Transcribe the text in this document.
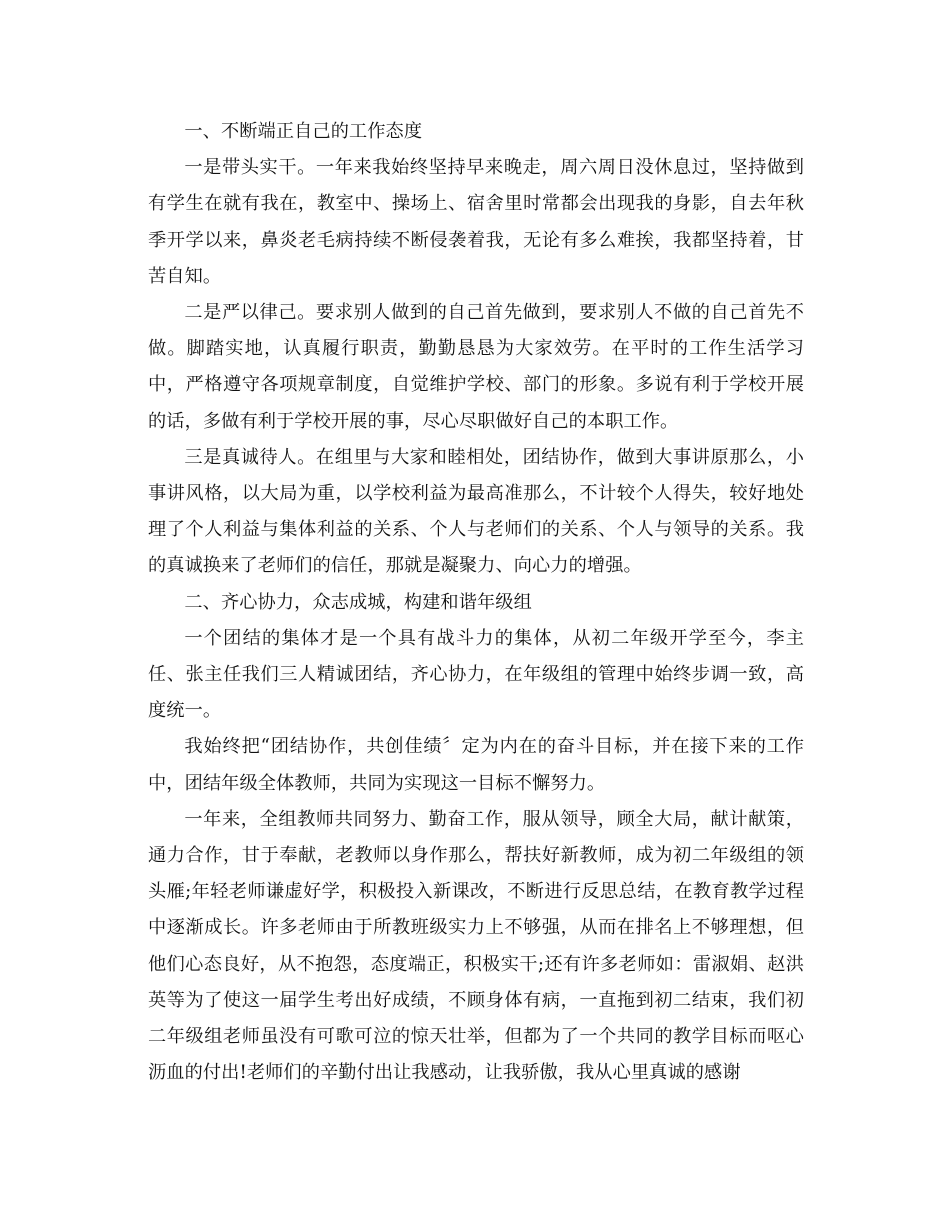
一、不断端正自己的工作态度

一是带头实干。一年来我始终坚持早来晚走，周六周日没休息过，坚持做到有学生在就有我在，教室中、操场上、宿舍里时常都会出现我的身影，自去年秋季开学以来，鼻炎老毛病持续不断侵袭着我，无论有多么难挨，我都坚持着，甘苦自知。

二是严以律己。要求别人做到的自己首先做到，要求别人不做的自己首先不做。脚踏实地，认真履行职责，勤勤恳恳为大家效劳。在平时的工作生活学习中，严格遵守各项规章制度，自觉维护学校、部门的形象。多说有利于学校开展的话，多做有利于学校开展的事，尽心尽职做好自己的本职工作。

三是真诚待人。在组里与大家和睦相处，团结协作，做到大事讲原那么，小事讲风格，以大局为重，以学校利益为最高准那么，不计较个人得失，较好地处理了个人利益与集体利益的关系、个人与老师们的关系、个人与领导的关系。我的真诚换来了老师们的信任，那就是凝聚力、向心力的增强。

二、齐心协力，众志成城，构建和谐年级组

一个团结的集体才是一个具有战斗力的集体，从初二年级开学至今，李主任、张主任我们三人精诚团结，齐心协力，在年级组的管理中始终步调一致，高度统一。

我始终把“团结协作，共创佳绩〞定为内在的奋斗目标，并在接下来的工作中，团结年级全体教师，共同为实现这一目标不懈努力。

一年来，全组教师共同努力、勤奋工作，服从领导，顾全大局，献计献策，通力合作，甘于奉献，老教师以身作那么，帮扶好新教师，成为初二年级组的领头雁;年轻老师谦虚好学，积极投入新课改，不断进行反思总结，在教育教学过程中逐渐成长。许多老师由于所教班级实力上不够强，从而在排名上不够理想，但他们心态良好，从不抱怨，态度端正，积极实干;还有许多老师如：雷淑娟、赵洪英等为了使这一届学生考出好成绩，不顾身体有病，一直拖到初二结束，我们初二年级组老师虽没有可歌可泣的惊天壮举，但都为了一个共同的教学目标而呕心沥血的付出!老师们的辛勤付出让我感动，让我骄傲，我从心里真诚的感谢
